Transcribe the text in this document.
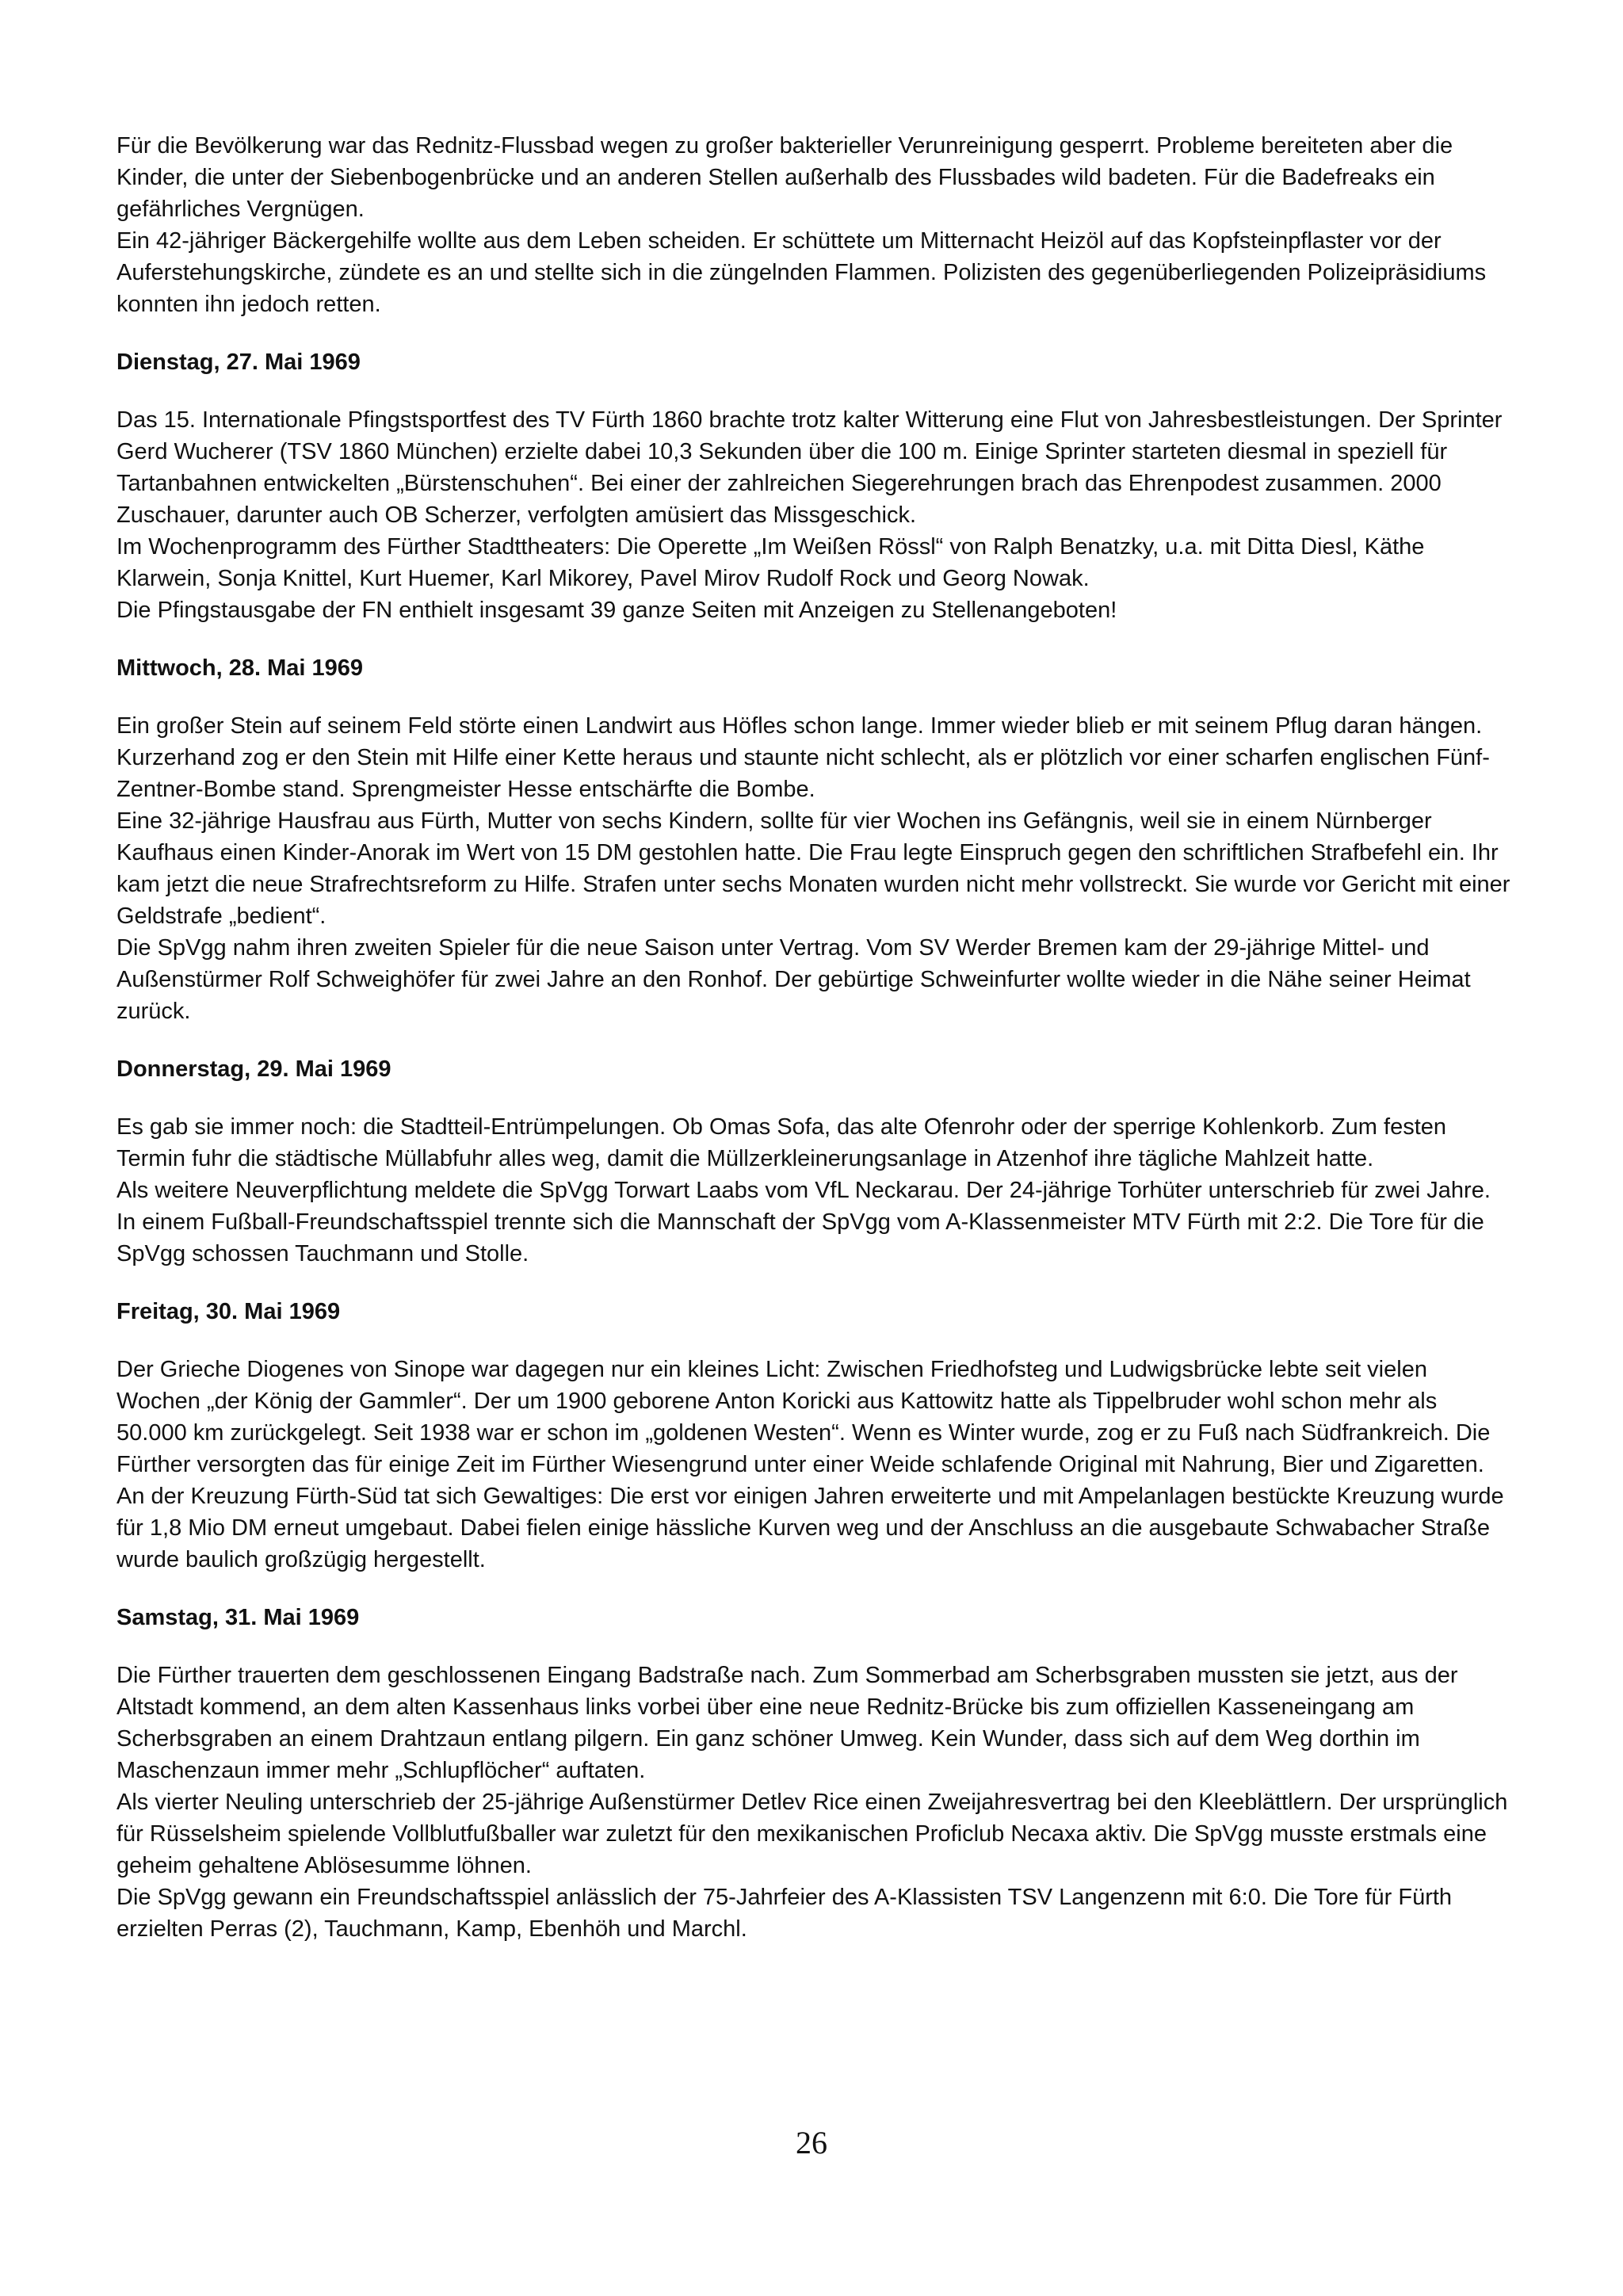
Für die Bevölkerung war das Rednitz-Flussbad wegen zu großer bakterieller Verunreinigung gesperrt. Probleme bereiteten aber die Kinder, die unter der Siebenbogenbrücke und an anderen Stellen außerhalb des Flussbades wild badeten. Für die Badefreaks ein gefährliches Vergnügen.

Ein 42-jähriger Bäckergehilfe wollte aus dem Leben scheiden. Er schüttete um Mitternacht Heizöl auf das Kopfsteinpflaster vor der Auferstehungskirche, zündete es an und stellte sich in die züngelnden Flammen. Polizisten des gegenüberliegenden Polizeipräsidiums konnten ihn jedoch retten.

Dienstag, 27. Mai 1969

Das 15. Internationale Pfingstsportfest des TV Fürth 1860 brachte trotz kalter Witterung eine Flut von Jahresbestleistungen. Der Sprinter Gerd Wucherer (TSV 1860 München) erzielte dabei 10,3 Sekunden über die 100 m. Einige Sprinter starteten diesmal in speziell für Tartanbahnen entwickelten „Bürstenschuhen“. Bei einer der zahlreichen Siegerehrungen brach das Ehrenpodest zusammen. 2000 Zuschauer, darunter auch OB Scherzer, verfolgten amüsiert das Missgeschick.

Im Wochenprogramm des Fürther Stadttheaters: Die Operette „Im Weißen Rössl“ von Ralph Benatzky, u.a. mit Ditta Diesl, Käthe Klarwein, Sonja Knittel, Kurt Huemer, Karl Mikorey, Pavel Mirov Rudolf Rock und Georg Nowak.

Die Pfingstausgabe der FN enthielt insgesamt 39 ganze Seiten mit Anzeigen zu Stellenangeboten!

Mittwoch, 28. Mai 1969

Ein großer Stein auf seinem Feld störte einen Landwirt aus Höfles schon lange. Immer wieder blieb er mit seinem Pflug daran hängen. Kurzerhand zog er den Stein mit Hilfe einer Kette heraus und staunte nicht schlecht, als er plötzlich vor einer scharfen englischen Fünf-Zentner-Bombe stand. Sprengmeister Hesse entschärfte die Bombe.

Eine 32-jährige Hausfrau aus Fürth, Mutter von sechs Kindern, sollte für vier Wochen ins Gefängnis, weil sie in einem Nürnberger Kaufhaus einen Kinder-Anorak im Wert von 15 DM gestohlen hatte. Die Frau legte Einspruch gegen den schriftlichen Strafbefehl ein. Ihr kam jetzt die neue Strafrechtsreform zu Hilfe. Strafen unter sechs Monaten wurden nicht mehr vollstreckt. Sie wurde vor Gericht mit einer Geldstrafe „bedient“.

Die SpVgg nahm ihren zweiten Spieler für die neue Saison unter Vertrag. Vom SV Werder Bremen kam der 29-jährige Mittel- und Außenstürmer Rolf Schweighöfer für zwei Jahre an den Ronhof. Der gebürtige Schweinfurter wollte wieder in die Nähe seiner Heimat zurück.

Donnerstag, 29. Mai 1969

Es gab sie immer noch: die Stadtteil-Entrümpelungen. Ob Omas Sofa, das alte Ofenrohr oder der sperrige Kohlenkorb. Zum festen Termin fuhr die städtische Müllabfuhr alles weg, damit die Müllzerkleinerungsanlage in Atzenhof ihre tägliche Mahlzeit hatte.

Als weitere Neuverpflichtung meldete die SpVgg Torwart Laabs vom VfL Neckarau. Der 24-jährige Torhüter unterschrieb für zwei Jahre.

In einem Fußball-Freundschaftsspiel trennte sich die Mannschaft der SpVgg vom A-Klassenmeister MTV Fürth mit 2:2. Die Tore für die SpVgg schossen Tauchmann und Stolle.

Freitag, 30. Mai 1969

Der Grieche Diogenes von Sinope war dagegen nur ein kleines Licht: Zwischen Friedhofsteg und Ludwigsbrücke lebte seit vielen Wochen „der König der Gammler“. Der um 1900 geborene Anton Koricki aus Kattowitz hatte als Tippelbruder wohl schon mehr als 50.000 km zurückgelegt. Seit 1938 war er schon im „goldenen Westen“. Wenn es Winter wurde, zog er zu Fuß nach Südfrankreich. Die Fürther versorgten das für einige Zeit im Fürther Wiesengrund unter einer Weide schlafende Original mit Nahrung, Bier und Zigaretten.

An der Kreuzung Fürth-Süd tat sich Gewaltiges: Die erst vor einigen Jahren erweiterte und mit Ampelanlagen bestückte Kreuzung wurde für 1,8 Mio DM erneut umgebaut. Dabei fielen einige hässliche Kurven weg und der Anschluss an die ausgebaute Schwabacher Straße wurde baulich großzügig hergestellt.

Samstag, 31. Mai 1969

Die Fürther trauerten dem geschlossenen Eingang Badstraße nach. Zum Sommerbad am Scherbsgraben mussten sie jetzt, aus der Altstadt kommend, an dem alten Kassenhaus links vorbei über eine neue Rednitz-Brücke bis zum offiziellen Kasseneingang am Scherbsgraben an einem Drahtzaun entlang pilgern. Ein ganz schöner Umweg. Kein Wunder, dass sich auf dem Weg dorthin im Maschenzaun immer mehr „Schlupflöcher“ auftaten.

Als vierter Neuling unterschrieb der 25-jährige Außenstürmer Detlev Rice einen Zweijahresvertrag bei den Kleeblättlern. Der ursprünglich für Rüsselsheim spielende Vollblutfußballer war zuletzt für den mexikanischen Proficlub Necaxa aktiv. Die SpVgg musste erstmals eine geheim gehaltene Ablösesumme löhnen.

Die SpVgg gewann ein Freundschaftsspiel anlässlich der 75-Jahrfeier des A-Klassisten TSV Langenzenn mit 6:0. Die Tore für Fürth erzielten Perras (2), Tauchmann, Kamp, Ebenhöh und Marchl.

26
